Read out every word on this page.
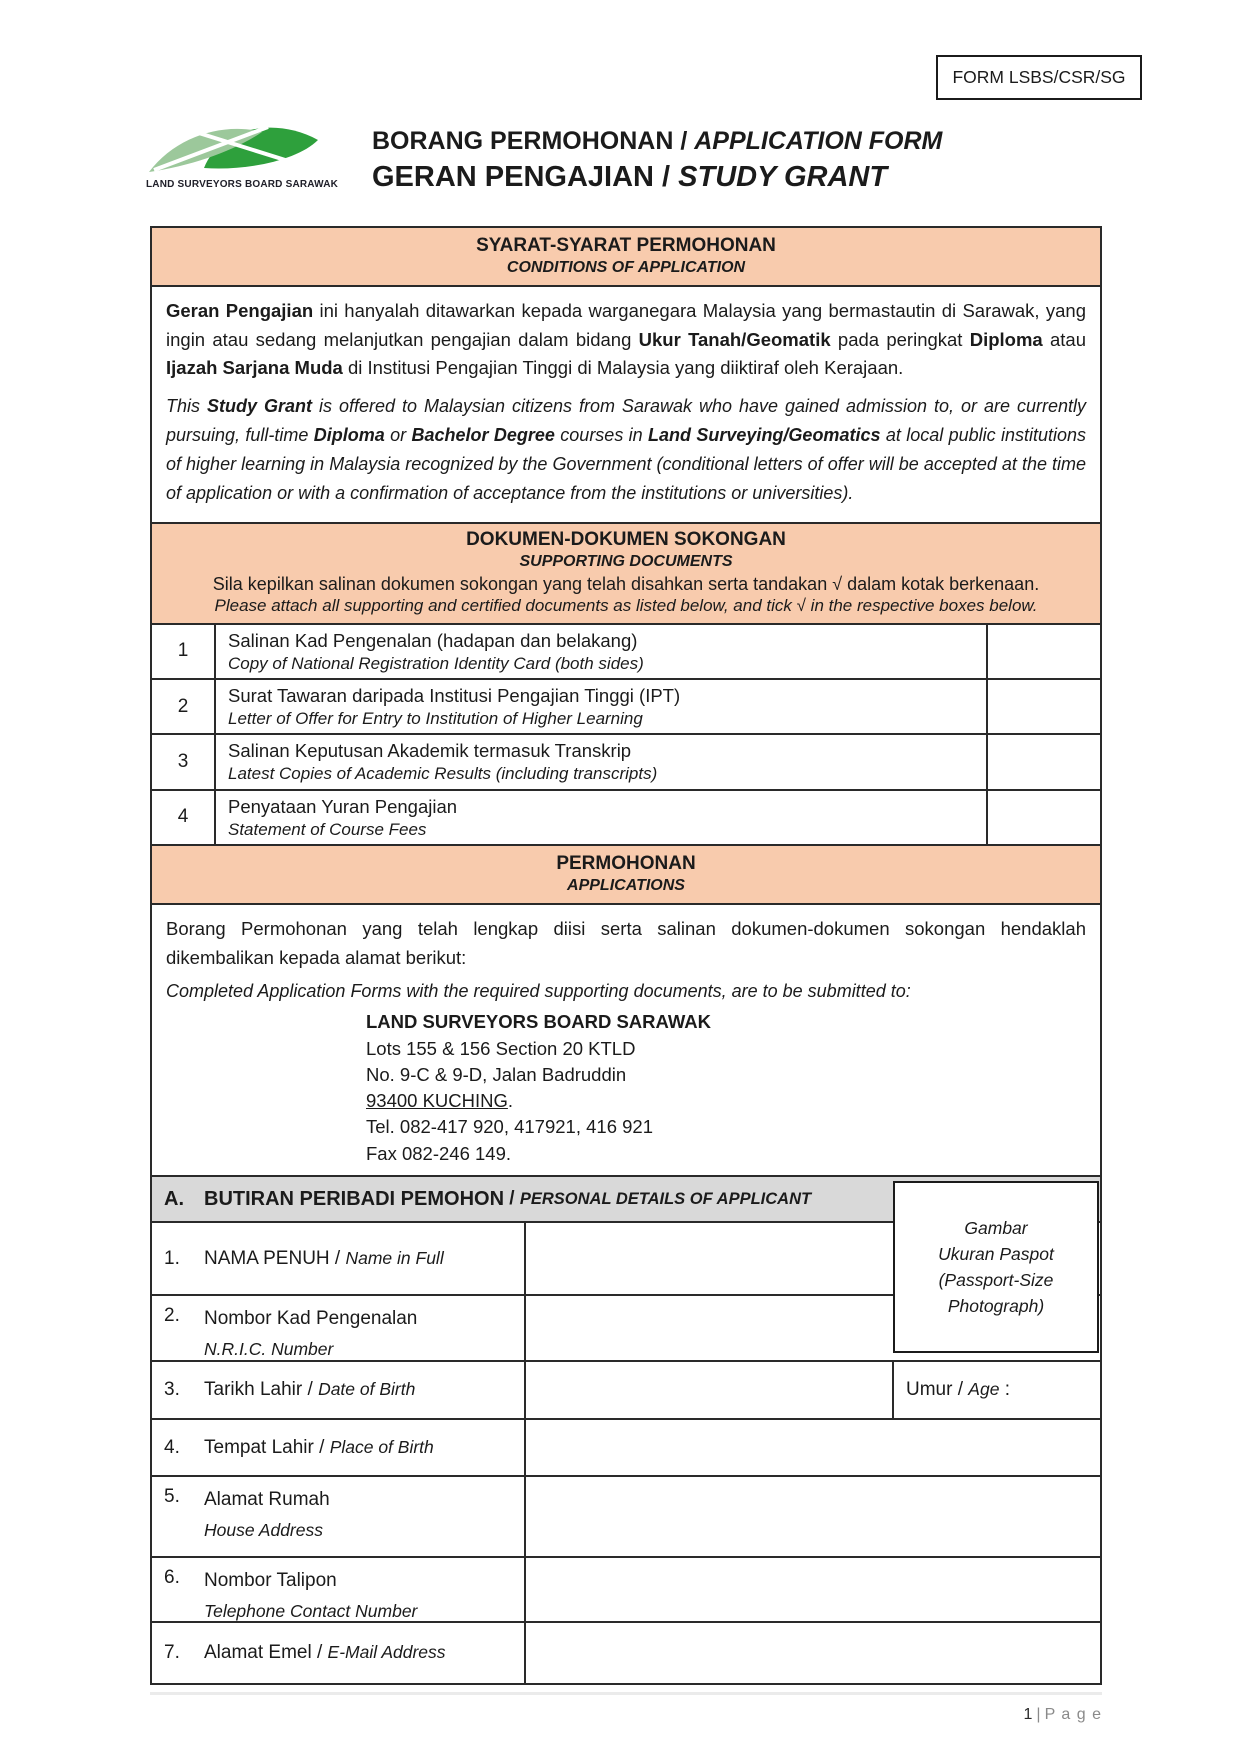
FORM LSBS/CSR/SG
LAND SURVEYORS BOARD SARAWAK
BORANG PERMOHONAN / APPLICATION FORM
GERAN PENGAJIAN / STUDY GRANT
SYARAT-SYARAT PERMOHONAN
CONDITIONS OF APPLICATION
Geran Pengajian ini hanyalah ditawarkan kepada warganegara Malaysia yang bermastautin di Sarawak, yang ingin atau sedang melanjutkan pengajian dalam bidang Ukur Tanah/Geomatik pada peringkat Diploma atau Ijazah Sarjana Muda di Institusi Pengajian Tinggi di Malaysia yang diiktiraf oleh Kerajaan.
This Study Grant is offered to Malaysian citizens from Sarawak who have gained admission to, or are currently pursuing, full-time Diploma or Bachelor Degree courses in Land Surveying/Geomatics at local public institutions of higher learning in Malaysia recognized by the Government (conditional letters of offer will be accepted at the time of application or with a confirmation of acceptance from the institutions or universities).
DOKUMEN-DOKUMEN SOKONGAN
SUPPORTING DOCUMENTS
Sila kepilkan salinan dokumen sokongan yang telah disahkan serta tandakan √ dalam kotak berkenaan.
Please attach all supporting and certified documents as listed below, and tick √ in the respective boxes below.
1
Salinan Kad Pengenalan (hadapan dan belakang)
Copy of National Registration Identity Card (both sides)
2
Surat Tawaran daripada Institusi Pengajian Tinggi (IPT)
Letter of Offer for Entry to Institution of Higher Learning
3
Salinan Keputusan Akademik termasuk Transkrip
Latest Copies of Academic Results (including transcripts)
4
Penyataan Yuran Pengajian
Statement of Course Fees
PERMOHONAN
APPLICATIONS
Borang Permohonan yang telah lengkap diisi serta salinan dokumen-dokumen sokongan hendaklah dikembalikan kepada alamat berikut:
Completed Application Forms with the required supporting documents, are to be submitted to:
LAND SURVEYORS BOARD SARAWAK
Lots 155 & 156 Section 20 KTLD
No. 9-C & 9-D, Jalan Badruddin
93400 KUCHING.
Tel. 082-417 920, 417921, 416 921
Fax 082-246 149.
A.	BUTIRAN PERIBADI PEMOHON / PERSONAL DETAILS OF APPLICANT
1.	NAMA PENUH / Name in Full
2.	Nombor Kad Pengenalan
N.R.I.C. Number
3.	Tarikh Lahir / Date of Birth	Umur / Age :
4.	Tempat Lahir / Place of Birth
5.	Alamat Rumah
House Address
6.	Nombor Talipon
Telephone Contact Number
7.	Alamat Emel / E-Mail Address
Gambar
Ukuran Paspot
(Passport-Size
Photograph)
1 | P a g e
